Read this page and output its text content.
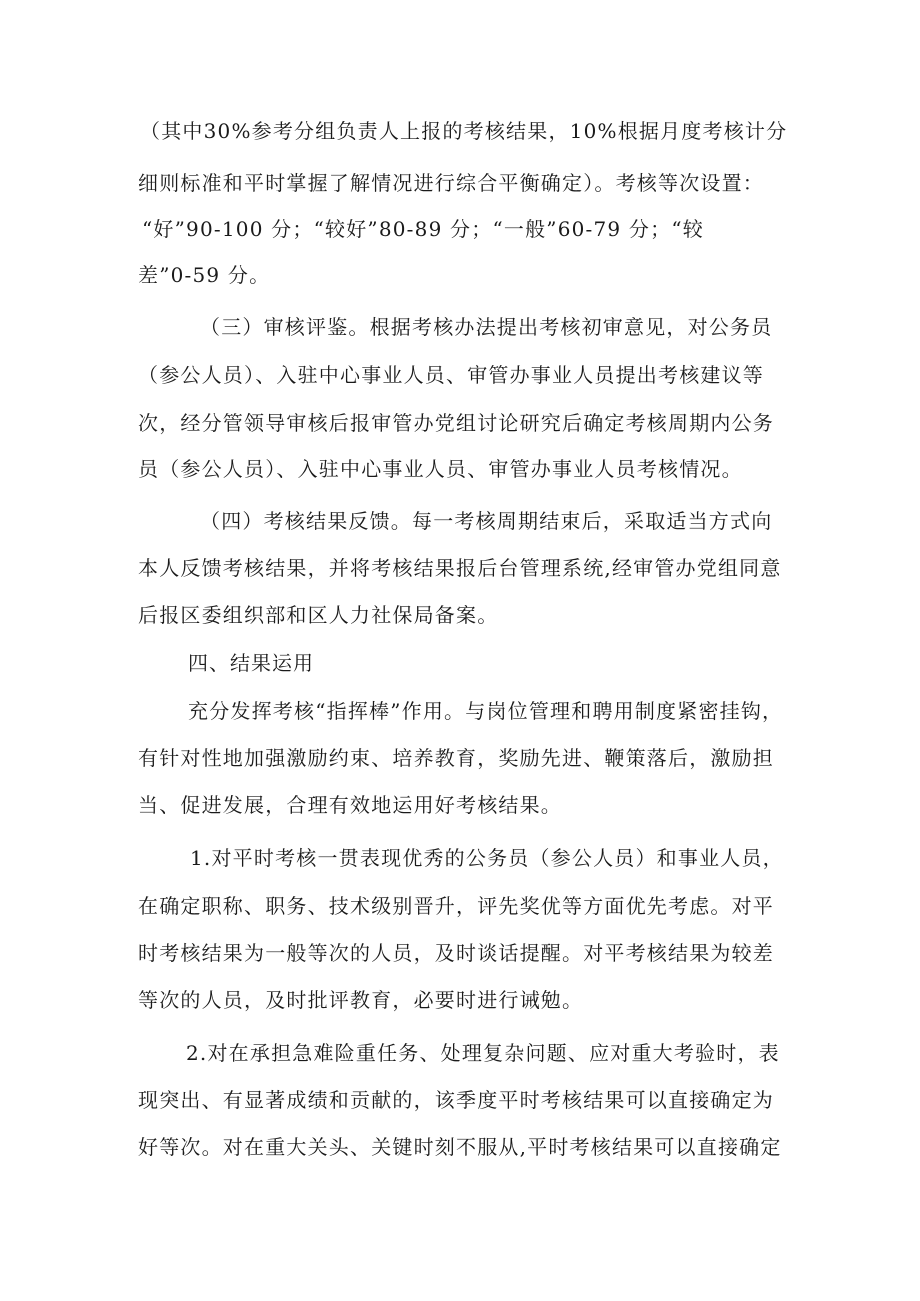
（其中30%参考分组负责人上报的考核结果，10%根据月度考核计分
细则标准和平时掌握了解情况进行综合平衡确定）。考核等次设置：
“好”90-100 分；“较好”80-89 分；“一般”60-79 分；“较
差”0-59 分。
（三）审核评鉴。根据考核办法提出考核初审意见，对公务员
（参公人员）、入驻中心事业人员、审管办事业人员提出考核建议等
次，经分管领导审核后报审管办党组讨论研究后确定考核周期内公务
员（参公人员）、入驻中心事业人员、审管办事业人员考核情况。
（四）考核结果反馈。每一考核周期结束后，采取适当方式向
本人反馈考核结果，并将考核结果报后台管理系统,经审管办党组同意
后报区委组织部和区人力社保局备案。
四、结果运用
充分发挥考核“指挥棒”作用。与岗位管理和聘用制度紧密挂钩，
有针对性地加强激励约束、培养教育，奖励先进、鞭策落后，激励担
当、促进发展，合理有效地运用好考核结果。
1.对平时考核一贯表现优秀的公务员（参公人员）和事业人员，
在确定职称、职务、技术级别晋升，评先奖优等方面优先考虑。对平
时考核结果为一般等次的人员，及时谈话提醒。对平考核结果为较差
等次的人员，及时批评教育，必要时进行诫勉。
2.对在承担急难险重任务、处理复杂问题、应对重大考验时，表
现突出、有显著成绩和贡献的，该季度平时考核结果可以直接确定为
好等次。对在重大关头、关键时刻不服从,平时考核结果可以直接确定
